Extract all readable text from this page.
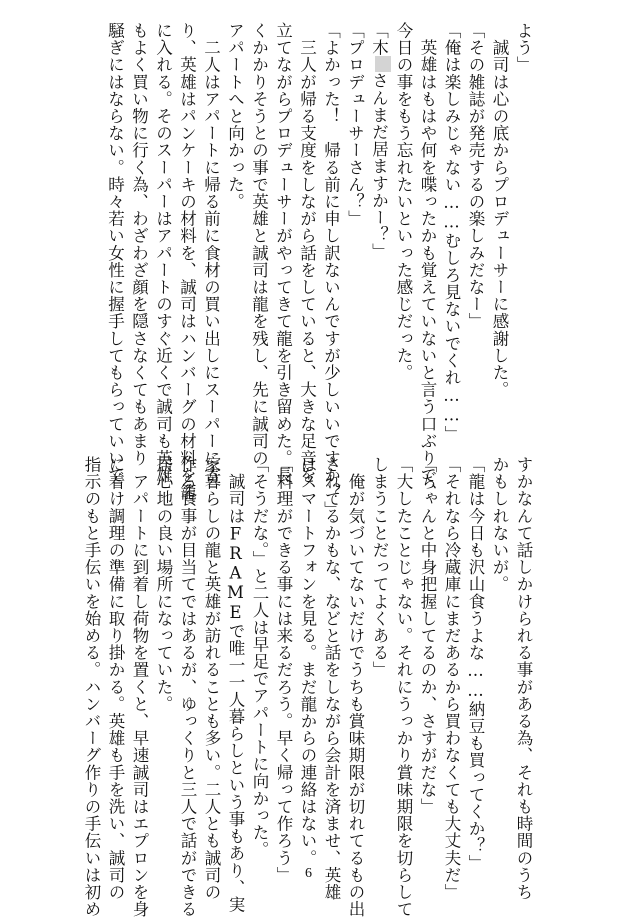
よう」

　誠司は心の底からプロデューサーに感謝した。

「その雑誌が発売するの楽しみだなー」

「俺は楽しみじゃない……むしろ見ないでくれ……」

　英雄はもはや何を喋ったかも覚えていないと言う口ぶりで、

今日の事をもう忘れたいといった感じだった。

「木さんまだ居ますかー？」

「プロデューサーさん？」

「よかった！　帰る前に申し訳ないんですが少しいいですか？」

　三人が帰る支度をしながら話をしていると、大きな足音を

立てながらプロデューサーがやってきて龍を引き留めた。長

くかかりそうとの事で英雄と誠司は龍を残し、先に誠司の

アパートへと向かった。

　二人はアパートに帰る前に食材の買い出しにスーパーに寄

り、英雄はパンケーキの材料を、誠司はハンバーグの材料を籠

に入れる。そのスーパーはアパートのすぐ近くで誠司も英雄

もよく買い物に行く為、わざわざ顔を隠さなくてもあまり

騒ぎにはならない。時々若い女性に握手してもらっていいで

すかなんて話しかけられる事がある為、それも時間のうち

かもしれないが。

「龍は今日も沢山食うよな……納豆も買ってくか？」

「それなら冷蔵庫にまだあるから買わなくても大丈夫だ」

「ちゃんと中身把握してるのか、さすがだな」

「大したことじゃない。それにうっかり賞味期限を切らして

しまうことだってよくある」

　俺が気づいてないだけでうちも賞味期限が切れてるもの出

されてるかもな、などと話をしながら会計を済ませ、英雄

はスマートフォンを見る。まだ龍からの連絡はない。

「料理ができる事には来るだろう。早く帰って作ろう」

「そうだな。」と二人は早足でアパートに向かった。

　誠司はFRAMEで唯一一人暮らしという事もあり、実

家暮らしの龍と英雄が訪れることも多い。二人とも誠司の

作る食事が目当てではあるが、ゆっくりと三人で話ができる

居心地の良い場所になっていた。

　アパートに到着し荷物を置くと、早速誠司はエプロンを身

に着け調理の準備に取り掛かる。英雄も手を洗い、誠司の

指示のもと手伝いを始める。ハンバーグ作りの手伝いは初め	6
